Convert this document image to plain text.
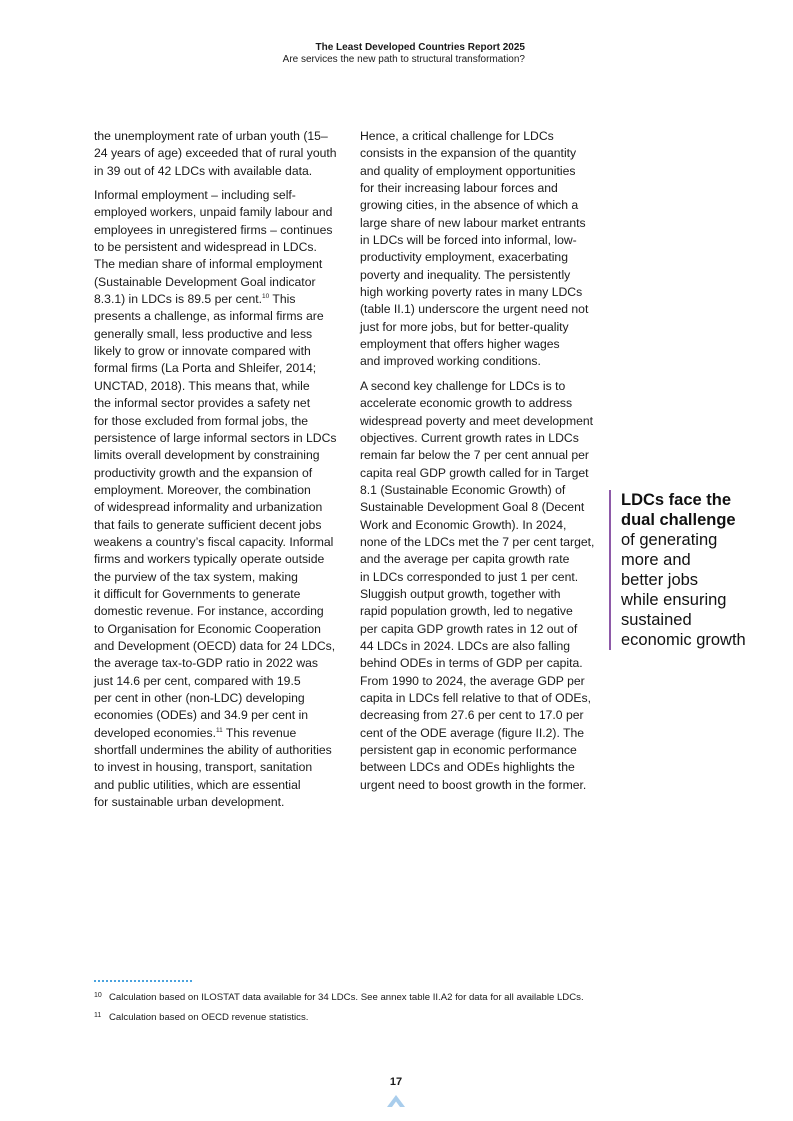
The Least Developed Countries Report 2025
Are services the new path to structural transformation?

the unemployment rate of urban youth (15–
24 years of age) exceeded that of rural youth
in 39 out of 42 LDCs with available data.

Informal employment – including self-
employed workers, unpaid family labour and
employees in unregistered firms – continues
to be persistent and widespread in LDCs.
The median share of informal employment
(Sustainable Development Goal indicator
8.3.1) in LDCs is 89.5 per cent.$^{10}$ This
presents a challenge, as informal firms are
generally small, less productive and less
likely to grow or innovate compared with
formal firms (La Porta and Shleifer, 2014;
UNCTAD, 2018). This means that, while
the informal sector provides a safety net
for those excluded from formal jobs, the
persistence of large informal sectors in LDCs
limits overall development by constraining
productivity growth and the expansion of
employment. Moreover, the combination
of widespread informality and urbanization
that fails to generate sufficient decent jobs
weakens a country’s fiscal capacity. Informal
firms and workers typically operate outside
the purview of the tax system, making
it difficult for Governments to generate
domestic revenue. For instance, according
to Organisation for Economic Cooperation
and Development (OECD) data for 24 LDCs,
the average tax-to-GDP ratio in 2022 was
just 14.6 per cent, compared with 19.5
per cent in other (non-LDC) developing
economies (ODEs) and 34.9 per cent in
developed economies.$^{11}$ This revenue
shortfall undermines the ability of authorities
to invest in housing, transport, sanitation
and public utilities, which are essential
for sustainable urban development.

Hence, a critical challenge for LDCs
consists in the expansion of the quantity
and quality of employment opportunities
for their increasing labour forces and
growing cities, in the absence of which a
large share of new labour market entrants
in LDCs will be forced into informal, low-
productivity employment, exacerbating
poverty and inequality. The persistently
high working poverty rates in many LDCs
(table II.1) underscore the urgent need not
just for more jobs, but for better-quality
employment that offers higher wages
and improved working conditions.

A second key challenge for LDCs is to
accelerate economic growth to address
widespread poverty and meet development
objectives. Current growth rates in LDCs
remain far below the 7 per cent annual per
capita real GDP growth called for in Target
8.1 (Sustainable Economic Growth) of
Sustainable Development Goal 8 (Decent
Work and Economic Growth). In 2024,
none of the LDCs met the 7 per cent target,
and the average per capita growth rate
in LDCs corresponded to just 1 per cent.
Sluggish output growth, together with
rapid population growth, led to negative
per capita GDP growth rates in 12 out of
44 LDCs in 2024. LDCs are also falling
behind ODEs in terms of GDP per capita.
From 1990 to 2024, the average GDP per
capita in LDCs fell relative to that of ODEs,
decreasing from 27.6 per cent to 17.0 per
cent of the ODE average (figure II.2). The
persistent gap in economic performance
between LDCs and ODEs highlights the
urgent need to boost growth in the former.

LDCs face the
dual challenge
of generating
more and
better jobs
while ensuring
sustained
economic growth
10 Calculation based on ILOSTAT data available for 34 LDCs. See annex table II.A2 for data for all available LDCs.
11 Calculation based on OECD revenue statistics.
17
